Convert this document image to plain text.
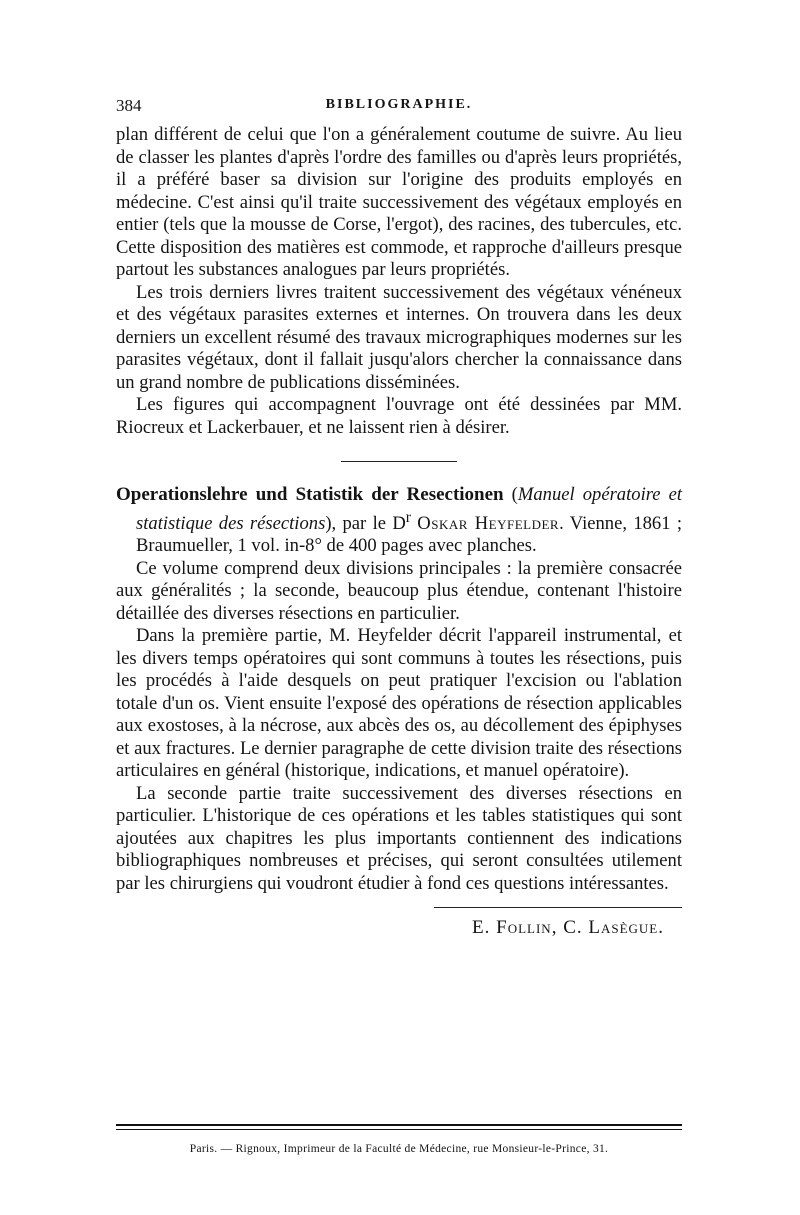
384	BIBLIOGRAPHIE.

plan différent de celui que l'on a généralement coutume de suivre. Au lieu de classer les plantes d'après l'ordre des familles ou d'après leurs propriétés, il a préféré baser sa division sur l'origine des produits employés en médecine. C'est ainsi qu'il traite successivement des végétaux employés en entier (tels que la mousse de Corse, l'ergot), des racines, des tubercules, etc. Cette disposition des matières est commode, et rapproche d'ailleurs presque partout les substances analogues par leurs propriétés.

Les trois derniers livres traitent successivement des végétaux vénéneux et des végétaux parasites externes et internes. On trouvera dans les deux derniers un excellent résumé des travaux micrographiques modernes sur les parasites végétaux, dont il fallait jusqu'alors chercher la connaissance dans un grand nombre de publications disséminées.

Les figures qui accompagnent l'ouvrage ont été dessinées par MM. Riocreux et Lackerbauer, et ne laissent rien à désirer.

Operationslehre und Statistik der Resectionen (Manuel opératoire et statistique des résections), par le $D^r$ Oskar Heyfelder. Vienne, 1861 ; Braumueller, 1 vol. in-8° de 400 pages avec planches.

Ce volume comprend deux divisions principales : la première consacrée aux généralités ; la seconde, beaucoup plus étendue, contenant l'histoire détaillée des diverses résections en particulier.

Dans la première partie, M. Heyfelder décrit l'appareil instrumental, et les divers temps opératoires qui sont communs à toutes les résections, puis les procédés à l'aide desquels on peut pratiquer l'excision ou l'ablation totale d'un os. Vient ensuite l'exposé des opérations de résection applicables aux exostoses, à la nécrose, aux abcès des os, au décollement des épiphyses et aux fractures. Le dernier paragraphe de cette division traite des résections articulaires en général (historique, indications, et manuel opératoire).

La seconde partie traite successivement des diverses résections en particulier. L'historique de ces opérations et les tables statistiques qui sont ajoutées aux chapitres les plus importants contiennent des indications bibliographiques nombreuses et précises, qui seront consultées utilement par les chirurgiens qui voudront étudier à fond ces questions intéressantes.

E. Follin, C. Lasègue.
Paris. — Rignoux, Imprimeur de la Faculté de Médecine, rue Monsieur-le-Prince, 31.
